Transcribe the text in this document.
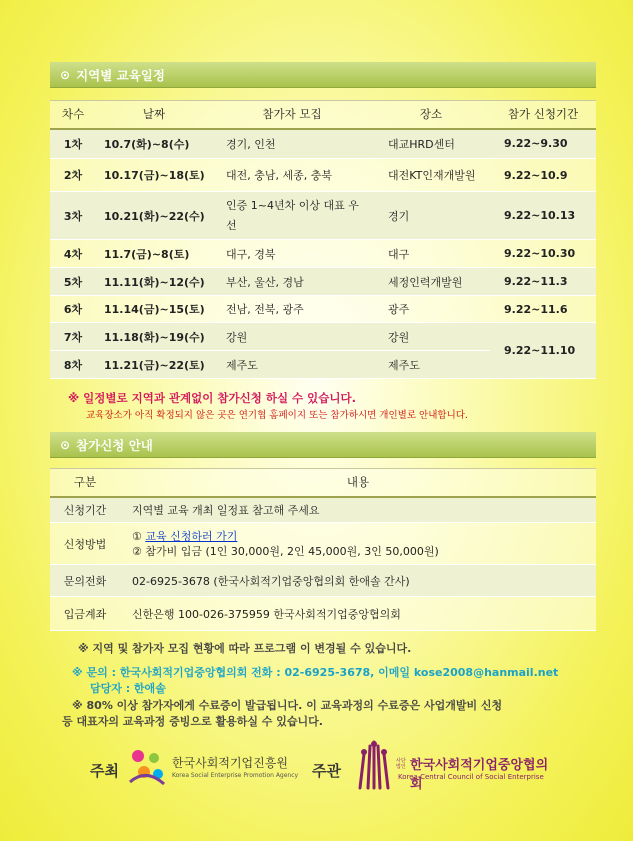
⊙ 지역별 교육일정
차수	날짜	참가자 모집	장소	참가 신청기간
1차	10.7(화)~8(수)	경기, 인천	대교HRD센터	9.22~9.30
2차	10.17(금)~18(토)	대전, 충남, 세종, 충북	대전KT인재개발원	9.22~10.9
3차	10.21(화)~22(수)	인증 1~4년차 이상 대표 우선	경기	9.22~10.13
4차	11.7(금)~8(토)	대구, 경북	대구	9.22~10.30
5차	11.11(화)~12(수)	부산, 울산, 경남	세정인력개발원	9.22~11.3
6차	11.14(금)~15(토)	전남, 전북, 광주	광주	9.22~11.6
7차	11.18(화)~19(수)	강원	강원	9.22~11.10
8차	11.21(금)~22(토)	제주도	제주도	
※ 일정별로 지역과 관계없이 참가신청 하실 수 있습니다.
교육장소가 아직 확정되지 않은 곳은 연기협 홈페이지 또는 참가하시면 개인별로 안내합니다.
⊙ 참가신청 안내
구분	내용
신청기간	지역별 교육 개최 일정표 참고해 주세요
신청방법	① 교육 신청하러 가기
② 참가비 입금 (1인 30,000원, 2인 45,000원, 3인 50,000원)

문의전화	02-6925-3678 (한국사회적기업중앙협의회 한애솔 간사)
입금계좌	신한은행 100-026-375959 한국사회적기업중앙협의회
※ 지역 및 참가자 모집 현황에 따라 프로그램 이 변경될 수 있습니다.
※ 문의 : 한국사회적기업중앙협의회 전화 : 02-6925-3678, 이메일 kose2008@hanmail.net
담당자 : 한애솔
※ 80% 이상 참가자에게 수료증이 발급됩니다. 이 교육과정의 수료증은 사업개발비 신청
등 대표자의 교육과정 증빙으로 활용하실 수 있습니다.
주최	한국사회적기업진흥원
Korea Social Enterprise Promotion Agency 주관
사단법인 한국사회적기업중앙협의회
Korea Central Council of Social Enterprise
